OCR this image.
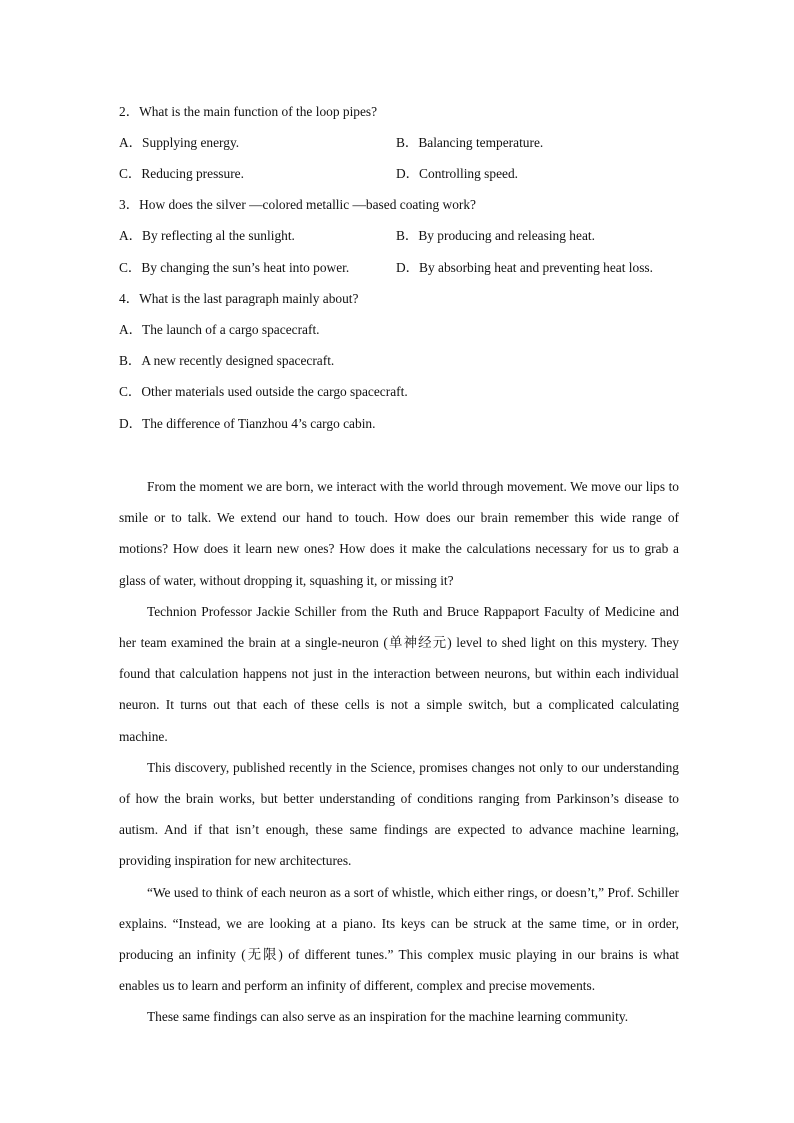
2．What is the main function of the loop pipes?
A．Supplying energy.	B．Balancing temperature.
C．Reducing pressure.	D．Controlling speed.
3．How does the silver —colored metallic —based coating work?
A．By reflecting al the sunlight.	B．By producing and releasing heat.
C．By changing the sun’s heat into power.	D．By absorbing heat and preventing heat loss.
4．What is the last paragraph mainly about?
A．The launch of a cargo spacecraft.
B．A new recently designed spacecraft.
C．Other materials used outside the cargo spacecraft.
D．The difference of Tianzhou 4’s cargo cabin.

From the moment we are born, we interact with the world through movement. We move our lips to smile or to talk. We extend our hand to touch. How does our brain remember this wide range of motions? How does it learn new ones? How does it make the calculations necessary for us to grab a glass of water, without dropping it, squashing it, or missing it?

Technion Professor Jackie Schiller from the Ruth and Bruce Rappaport Faculty of Medicine and her team examined the brain at a single-neuron (单神经元) level to shed light on this mystery. They found that calculation happens not just in the interaction between neurons, but within each individual neuron. It turns out that each of these cells is not a simple switch, but a complicated calculating machine.

This discovery, published recently in the Science, promises changes not only to our understanding of how the brain works, but better understanding of conditions ranging from Parkinson’s disease to autism. And if that isn’t enough, these same findings are expected to advance machine learning, providing inspiration for new architectures.

“We used to think of each neuron as a sort of whistle, which either rings, or doesn’t,” Prof. Schiller explains. “Instead, we are looking at a piano. Its keys can be struck at the same time, or in order, producing an infinity (无限) of different tunes.” This complex music playing in our brains is what enables us to learn and perform an infinity of different, complex and precise movements.

These same findings can also serve as an inspiration for the machine learning community.
